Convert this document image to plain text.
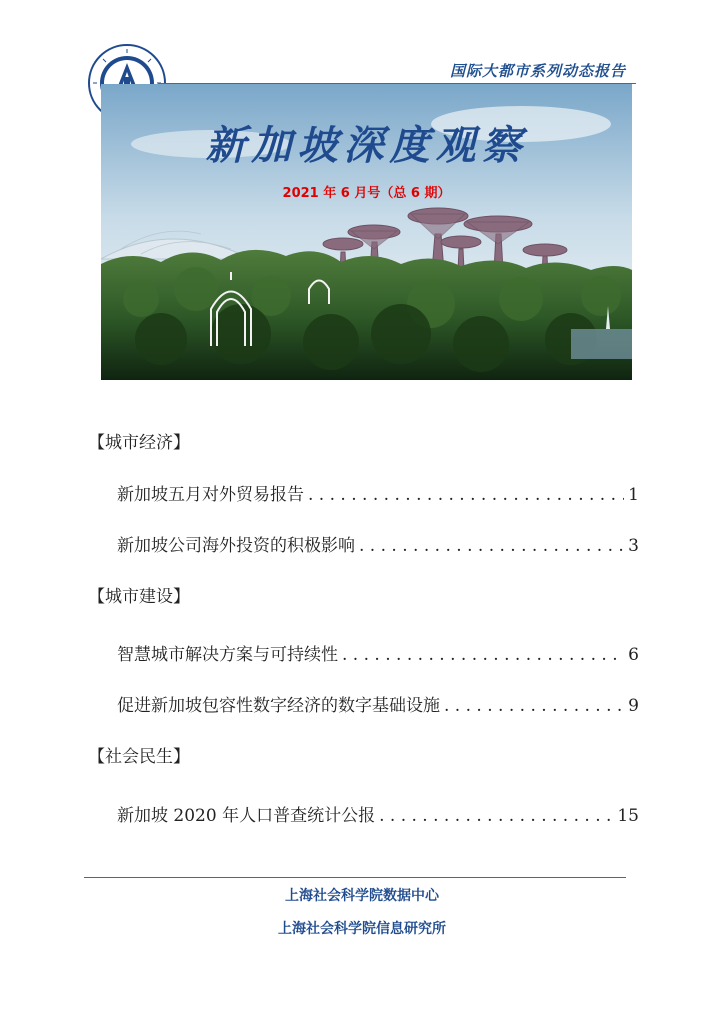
国际大都市系列动态报告
新加坡深度观察
2021 年 6 月号（总 6 期）
【城市经济】
新加坡五月对外贸易报告 . . .	1
新加坡公司海外投资的积极影响 . . .	3
【城市建设】
智慧城市解决方案与可持续性 . . .	6
促进新加坡包容性数字经济的数字基础设施 . . .	9
【社会民生】
新加坡 2020 年人口普查统计公报 . . .	15
上海社会科学院数据中心
上海社会科学院信息研究所
